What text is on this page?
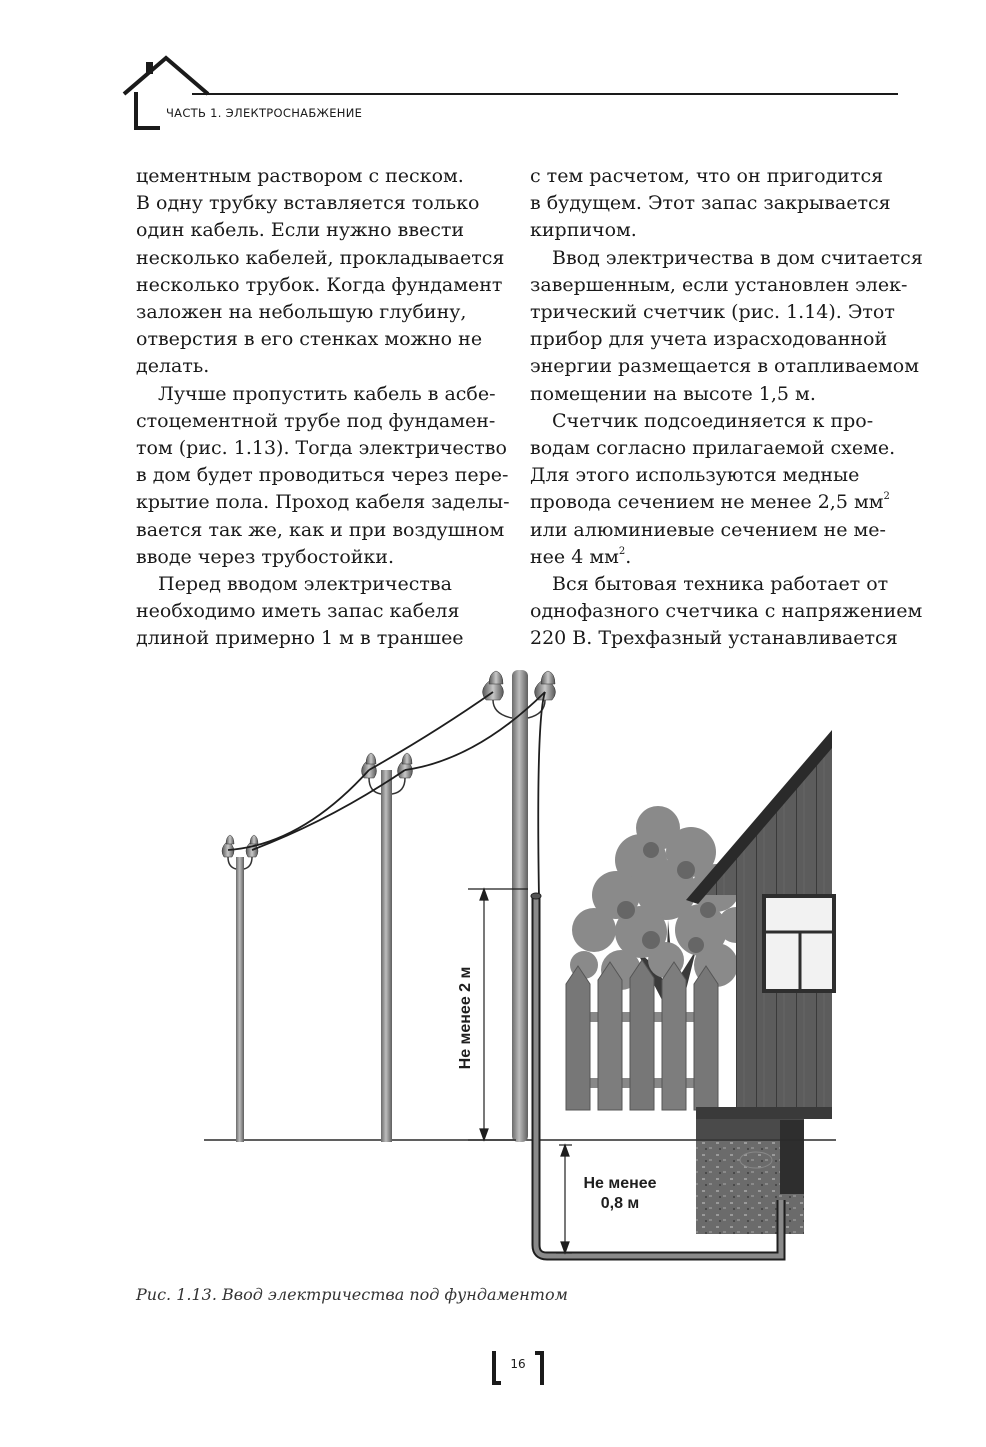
ЧАСТЬ 1. ЭЛЕКТРОСНАБЖЕНИЕ
цементным раствором с песком.
В одну трубку вставляется только
один кабель. Если нужно ввести
несколько кабелей, прокладывается
несколько трубок. Когда фундамент
заложен на небольшую глубину,
отверстия в его стенках можно не
делать.
Лучше пропустить кабель в асбе-
стоцементной трубе под фундамен-
том (рис. 1.13). Тогда электричество
в дом будет проводиться через пере-
крытие пола. Проход кабеля заделы-
вается так же, как и при воздушном
вводе через трубостойки.
Перед вводом электричества
необходимо иметь запас кабеля
длиной примерно 1 м в траншее
с тем расчетом, что он пригодится
в будущем. Этот запас закрывается
кирпичом.
Ввод электричества в дом считается
завершенным, если установлен элек-
трический счетчик (рис. 1.14). Этот
прибор для учета израсходованной
энергии размещается в отапливаемом
помещении на высоте 1,5 м.
Счетчик подсоединяется к про-
водам согласно прилагаемой схеме.
Для этого используются медные
провода сечением не менее 2,5 $мм^2$
или алюминиевые сечением не ме-
нее 4 $мм^2$.
Вся бытовая техника работает от
однофазного счетчика с напряжением
220 В. Трехфазный устанавливается
Не менее 2 м
Не менее
0,8 м
Рис. 1.13. Ввод электричества под фундаментом
16
